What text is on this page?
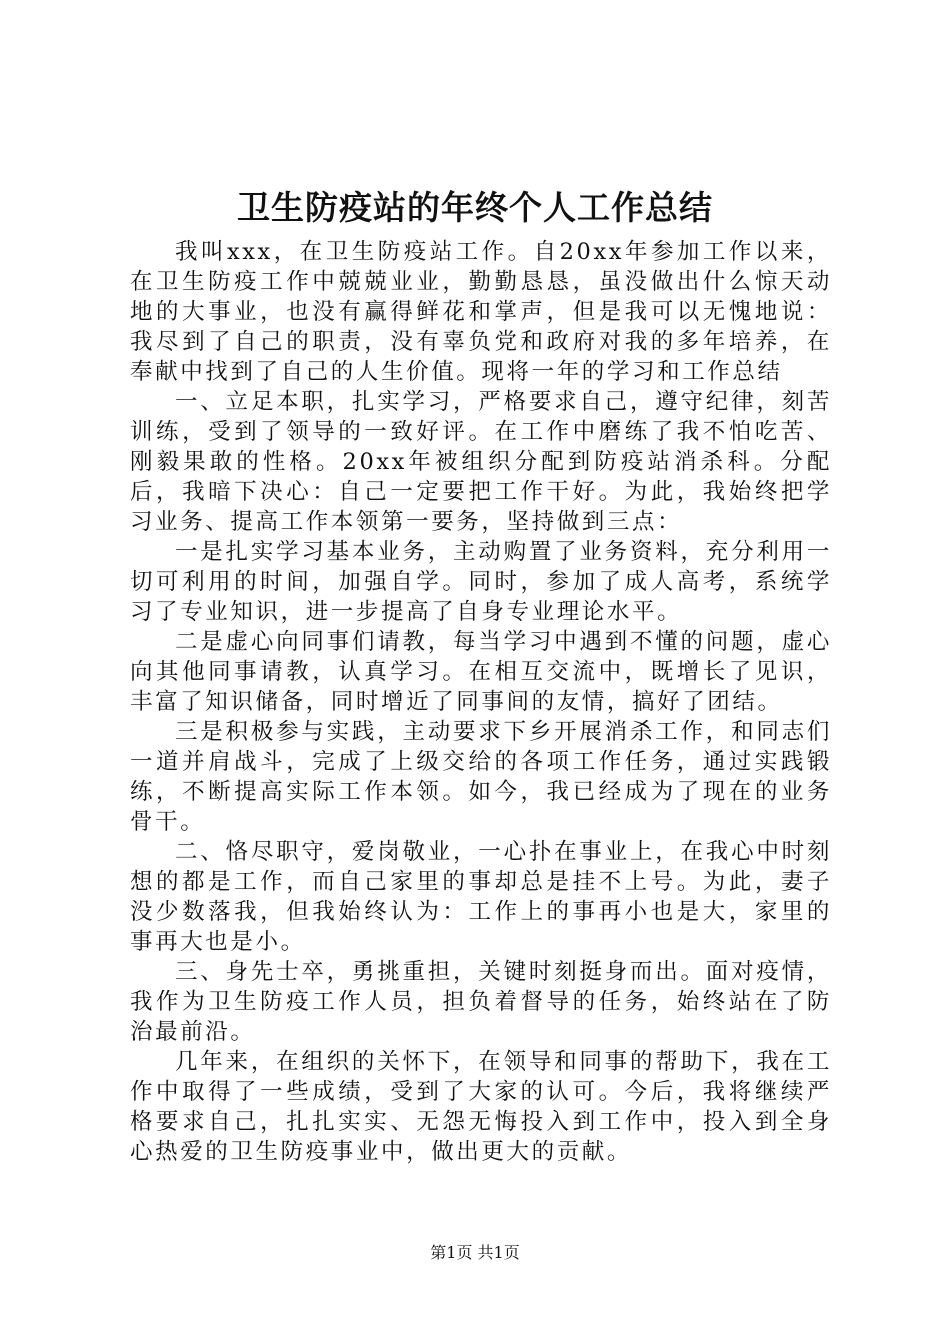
卫生防疫站的年终个人工作总结

我叫xxx，在卫生防疫站工作。自20xx年参加工作以来，在卫生防疫工作中兢兢业业，勤勤恳恳，虽没做出什么惊天动地的大事业，也没有赢得鲜花和掌声，但是我可以无愧地说：我尽到了自己的职责，没有辜负党和政府对我的多年培养，在奉献中找到了自己的人生价值。现将一年的学习和工作总结

一、立足本职，扎实学习，严格要求自己，遵守纪律，刻苦训练，受到了领导的一致好评。在工作中磨练了我不怕吃苦、刚毅果敢的性格。20xx年被组织分配到防疫站消杀科。分配后，我暗下决心：自己一定要把工作干好。为此，我始终把学习业务、提高工作本领第一要务，坚持做到三点：

一是扎实学习基本业务，主动购置了业务资料，充分利用一切可利用的时间，加强自学。同时，参加了成人高考，系统学习了专业知识，进一步提高了自身专业理论水平。

二是虚心向同事们请教，每当学习中遇到不懂的问题，虚心向其他同事请教，认真学习。在相互交流中，既增长了见识，丰富了知识储备，同时增近了同事间的友情，搞好了团结。

三是积极参与实践，主动要求下乡开展消杀工作，和同志们一道并肩战斗，完成了上级交给的各项工作任务，通过实践锻练，不断提高实际工作本领。如今，我已经成为了现在的业务骨干。

二、恪尽职守，爱岗敬业，一心扑在事业上，在我心中时刻想的都是工作，而自己家里的事却总是挂不上号。为此，妻子没少数落我，但我始终认为：工作上的事再小也是大，家里的事再大也是小。

三、身先士卒，勇挑重担，关键时刻挺身而出。面对疫情，我作为卫生防疫工作人员，担负着督导的任务，始终站在了防治最前沿。

几年来，在组织的关怀下，在领导和同事的帮助下，我在工作中取得了一些成绩，受到了大家的认可。今后，我将继续严格要求自己，扎扎实实、无怨无悔投入到工作中，投入到全身心热爱的卫生防疫事业中，做出更大的贡献。

第1页 共1页
